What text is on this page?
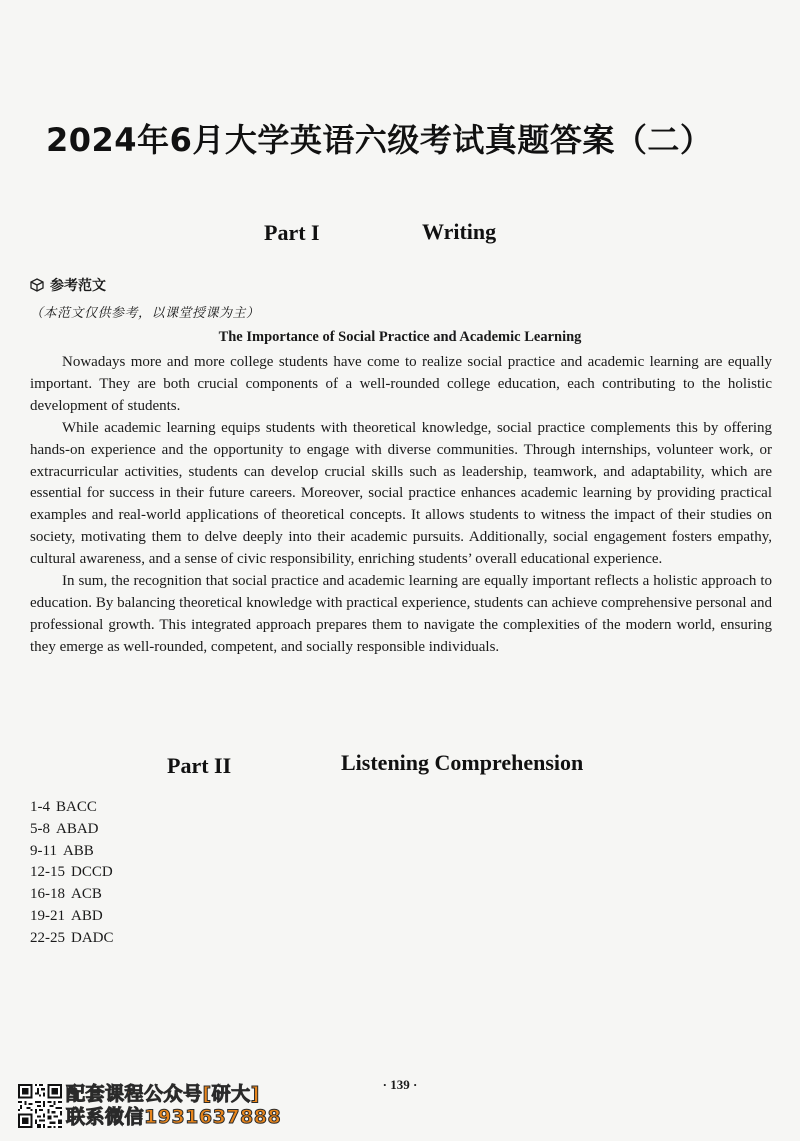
2024年6月大学英语六级考试真题答案（二）
Part I	Writing
参考范文
（本范文仅供参考，以课堂授课为主）
The Importance of Social Practice and Academic Learning

Nowadays more and more college students have come to realize social practice and academic learning are equally important. They are both crucial components of a well-rounded college education, each contributing to the holistic development of students.

While academic learning equips students with theoretical knowledge, social practice complements this by offering hands-on experience and the opportunity to engage with diverse communities. Through internships, volunteer work, or extracurricular activities, students can develop crucial skills such as leadership, teamwork, and adaptability, which are essential for success in their future careers. Moreover, social practice enhances academic learning by providing practical examples and real-world applications of theoretical concepts. It allows students to witness the impact of their studies on society, motivating them to delve deeply into their academic pursuits. Additionally, social engagement fosters empathy, cultural awareness, and a sense of civic responsibility, enriching students’ overall educational experience.

In sum, the recognition that social practice and academic learning are equally important reflects a holistic approach to education. By balancing theoretical knowledge with practical experience, students can achieve comprehensive personal and professional growth. This integrated approach prepares them to navigate the complexities of the modern world, ensuring they emerge as well-rounded, competent, and socially responsible individuals.

Part II	Listening Comprehension
1-4 BACC
5-8 ABAD
9-11 ABB
12-15 DCCD
16-18 ACB
19-21 ABD
22-25 DADC
· 139 ·
配套课程公众号[研大]
联系微信1931637888
